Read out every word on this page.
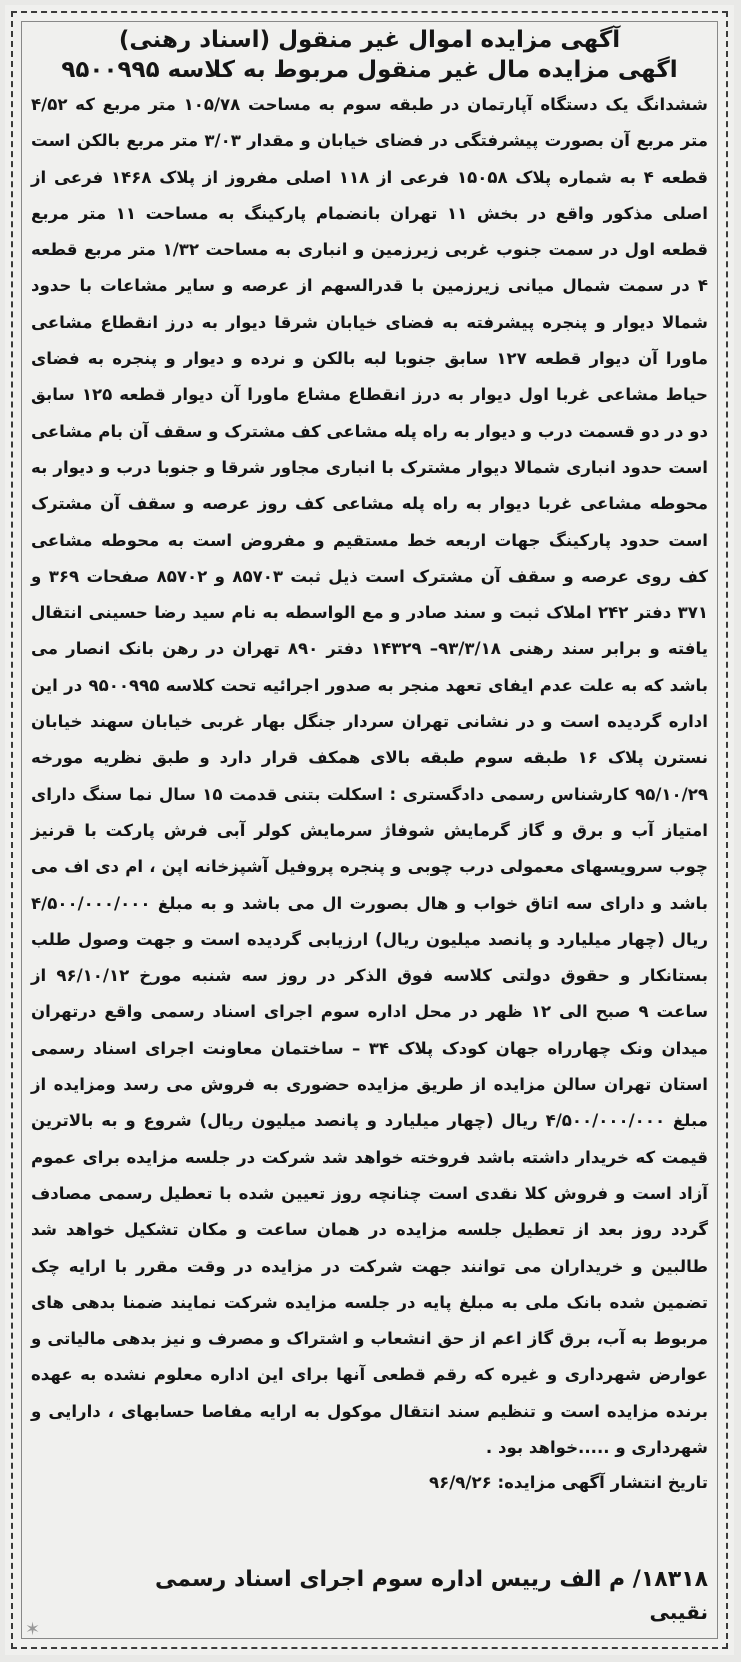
آگهی مزایده اموال غیر منقول (اسناد رهنی)
اگهی مزایده مال غیر منقول مربوط به کلاسه ۹۵۰۰۹۹۵

ششدانگ یک دستگاه آپارتمان در طبقه سوم به مساحت ۱۰۵/۷۸ متر مربع که ۴/۵۲ متر مربع آن بصورت پیشرفتگی در فضای خیابان و مقدار ۳/۰۳ متر مربع بالکن است قطعه ۴ به شماره پلاک ۱۵۰۵۸ فرعی از ۱۱۸ اصلی مفروز از پلاک ۱۴۶۸ فرعی از اصلی مذکور واقع در بخش ۱۱ تهران بانضمام پارکینگ به مساحت ۱۱ متر مربع قطعه اول در سمت جنوب غربی زیرزمین و انباری به مساحت ۱/۳۲ متر مربع قطعه ۴ در سمت شمال میانی زیرزمین با قدرالسهم از عرصه و سایر مشاعات با حدود شمالا دیوار و پنجره پیشرفته به فضای خیابان شرقا دیوار به درز انقطاع مشاعی ماورا آن دیوار قطعه ۱۲۷ سابق جنوبا لبه بالکن و نرده و دیوار و پنجره به فضای حیاط مشاعی غربا اول دیوار به درز انقطاع مشاع ماورا آن دیوار قطعه ۱۲۵ سابق دو در دو قسمت درب و دیوار به راه پله مشاعی کف مشترک و سقف آن بام مشاعی است حدود انباری شمالا دیوار مشترک با انباری مجاور شرقا و جنوبا درب و دیوار به محوطه مشاعی غربا دیوار به راه پله مشاعی کف روز عرصه و سقف آن مشترک است حدود پارکینگ جهات اربعه خط مستقیم و مفروض است به محوطه مشاعی کف روی عرصه و سقف آن مشترک است ذیل ثبت ۸۵۷۰۳ و ۸۵۷۰۲ صفحات ۳۶۹ و ۳۷۱ دفتر ۲۴۲ املاک ثبت و سند صادر و مع الواسطه به نام سید رضا حسینی انتقال یافته و برابر سند رهنی ۹۳/۳/۱۸– ۱۴۳۲۹ دفتر ۸۹۰ تهران در رهن بانک انصار می باشد که به علت عدم ایفای تعهد منجر به صدور اجرائیه تحت کلاسه ۹۵۰۰۹۹۵ در این اداره گردیده است و در نشانی تهران سردار جنگل بهار غربی خیابان سهند خیابان نسترن پلاک ۱۶ طبقه سوم طبقه بالای همکف قرار دارد و طبق نظریه مورخه ۹۵/۱۰/۲۹ کارشناس رسمی دادگستری : اسکلت بتنی قدمت ۱۵ سال نما سنگ دارای امتیاز آب و برق و گاز گرمایش شوفاژ سرمایش کولر آبی فرش پارکت با قرنیز چوب سرویسهای معمولی درب چوبی و پنجره پروفیل آشپزخانه اپن ، ام دی اف می باشد و دارای سه اتاق خواب و هال بصورت ال می باشد و به مبلغ ۴/۵۰۰/۰۰۰/۰۰۰ ریال (چهار میلیارد و پانصد میلیون ریال) ارزیابی گردیده است و جهت وصول طلب بستانکار و حقوق دولتی کلاسه فوق الذکر در روز سه شنبه مورخ ۹۶/۱۰/۱۲ از ساعت ۹ صبح الی ۱۲ ظهر در محل اداره سوم اجرای اسناد رسمی واقع درتهران میدان ونک چهارراه جهان کودک پلاک ۳۴ – ساختمان معاونت اجرای اسناد رسمی استان تهران سالن مزایده از طریق مزایده حضوری به فروش می رسد ومزایده از مبلغ ۴/۵۰۰/۰۰۰/۰۰۰ ریال (چهار میلیارد و پانصد میلیون ریال) شروع و به بالاترین قیمت که خریدار داشته باشد فروخته خواهد شد شرکت در جلسه مزایده برای عموم آزاد است و فروش کلا نقدی است چنانچه روز تعیین شده با تعطیل رسمی مصادف گردد روز بعد از تعطیل جلسه مزایده در همان ساعت و مکان تشکیل خواهد شد طالبین و خریداران می توانند جهت شرکت در مزایده در وقت مقرر با ارایه چک تضمین شده بانک ملی به مبلغ پایه در جلسه مزایده شرکت نمایند ضمنا بدهی های مربوط به آب، برق گاز اعم از حق انشعاب و اشتراک و مصرف و نیز بدهی مالیاتی و عوارض شهرداری و غیره که رقم قطعی آنها برای این اداره معلوم نشده به عهده برنده مزایده است و تنظیم سند انتقال موکول به ارایه مفاصا حسابهای ، دارایی و شهرداری و .....خواهد بود .

تاریخ انتشار آگهی مزایده: ۹۶/۹/۲۶

۱۸۳۱۸/ م الف رییس اداره سوم اجرای اسناد رسمی
نقیبی
✶
